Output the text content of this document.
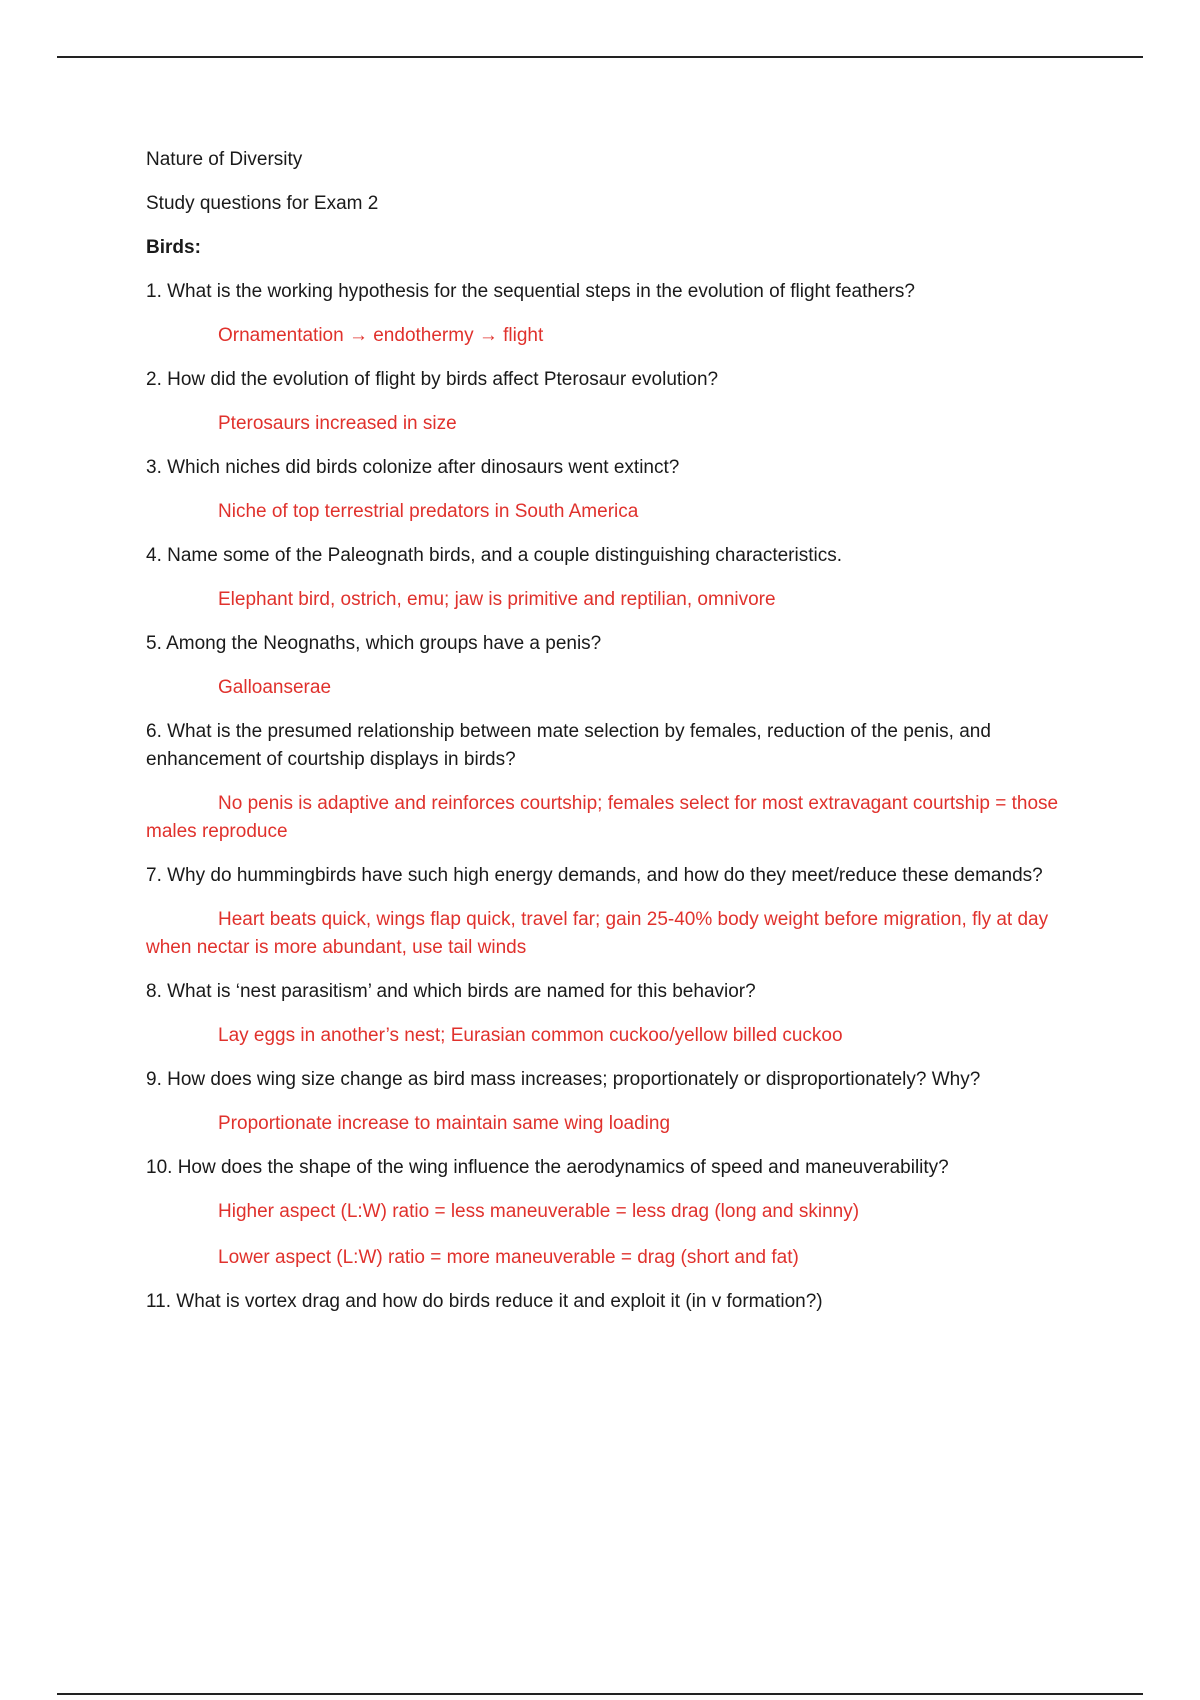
Nature of Diversity

Study questions for Exam 2

Birds:

1. What is the working hypothesis for the sequential steps in the evolution of flight feathers?

Ornamentation → endothermy → flight

2. How did the evolution of flight by birds affect Pterosaur evolution?

Pterosaurs increased in size

3. Which niches did birds colonize after dinosaurs went extinct?

Niche of top terrestrial predators in South America

4. Name some of the Paleognath birds, and a couple distinguishing characteristics.

Elephant bird, ostrich, emu; jaw is primitive and reptilian, omnivore

5. Among the Neognaths, which groups have a penis?

Galloanserae

6. What is the presumed relationship between mate selection by females, reduction of the penis, and enhancement of courtship displays in birds?

No penis is adaptive and reinforces courtship; females select for most extravagant courtship = those males reproduce

7. Why do hummingbirds have such high energy demands, and how do they meet/reduce these demands?

Heart beats quick, wings flap quick, travel far; gain 25-40% body weight before migration, fly at day when nectar is more abundant, use tail winds

8. What is ‘nest parasitism’ and which birds are named for this behavior?

Lay eggs in another’s nest; Eurasian common cuckoo/yellow billed cuckoo

9. How does wing size change as bird mass increases; proportionately or disproportionately? Why?

Proportionate increase to maintain same wing loading

10. How does the shape of the wing influence the aerodynamics of speed and maneuverability?

Higher aspect (L:W) ratio = less maneuverable = less drag (long and skinny)

Lower aspect (L:W) ratio = more maneuverable = drag (short and fat)

11. What is vortex drag and how do birds reduce it and exploit it (in v formation?)
